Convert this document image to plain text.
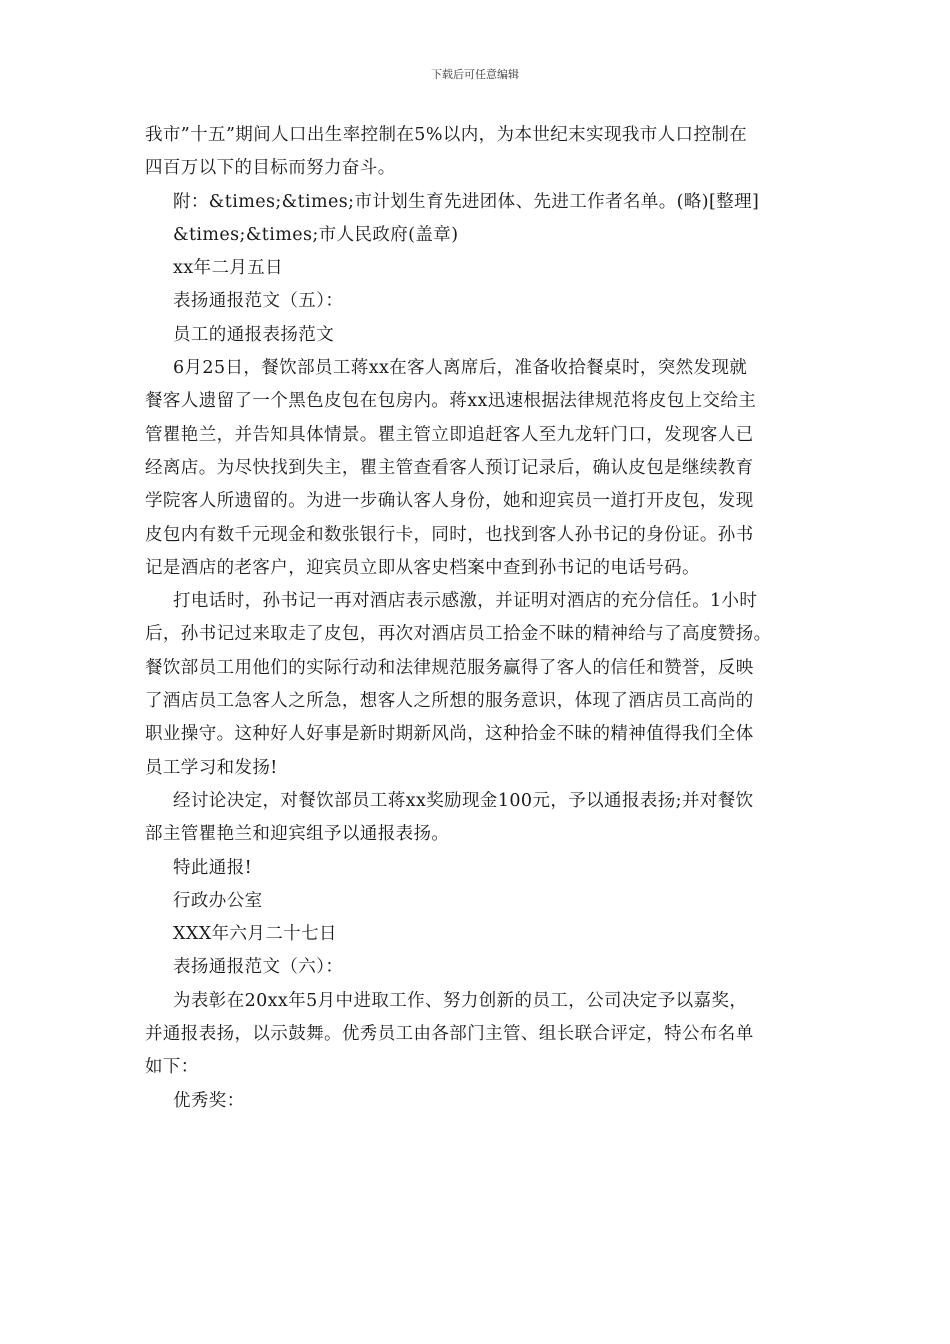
下载后可任意编辑

我市”十五”期间人口出生率控制在5%以内，为本世纪末实现我市人口控制在

四百万以下的目标而努力奋斗。

附：&times;&times;市计划生育先进团体、先进工作者名单。(略)[整理]

&times;&times;市人民政府(盖章)

xx年二月五日

表扬通报范文（五）：

员工的通报表扬范文

6月25日，餐饮部员工蒋xx在客人离席后，准备收拾餐桌时，突然发现就

餐客人遗留了一个黑色皮包在包房内。蒋xx迅速根据法律规范将皮包上交给主

管瞿艳兰，并告知具体情景。瞿主管立即追赶客人至九龙轩门口，发现客人已

经离店。为尽快找到失主，瞿主管查看客人预订记录后，确认皮包是继续教育

学院客人所遗留的。为进一步确认客人身份，她和迎宾员一道打开皮包，发现

皮包内有数千元现金和数张银行卡，同时，也找到客人孙书记的身份证。孙书

记是酒店的老客户，迎宾员立即从客史档案中查到孙书记的电话号码。

打电话时，孙书记一再对酒店表示感激，并证明对酒店的充分信任。1小时

后，孙书记过来取走了皮包，再次对酒店员工拾金不昧的精神给与了高度赞扬。

餐饮部员工用他们的实际行动和法律规范服务赢得了客人的信任和赞誉，反映

了酒店员工急客人之所急，想客人之所想的服务意识，体现了酒店员工高尚的

职业操守。这种好人好事是新时期新风尚，这种拾金不昧的精神值得我们全体

员工学习和发扬!

经讨论决定，对餐饮部员工蒋xx奖励现金100元，予以通报表扬;并对餐饮

部主管瞿艳兰和迎宾组予以通报表扬。

特此通报!

行政办公室

XXX年六月二十七日

表扬通报范文（六）：

为表彰在20xx年5月中进取工作、努力创新的员工，公司决定予以嘉奖，

并通报表扬，以示鼓舞。优秀员工由各部门主管、组长联合评定，特公布名单

如下：

优秀奖：
